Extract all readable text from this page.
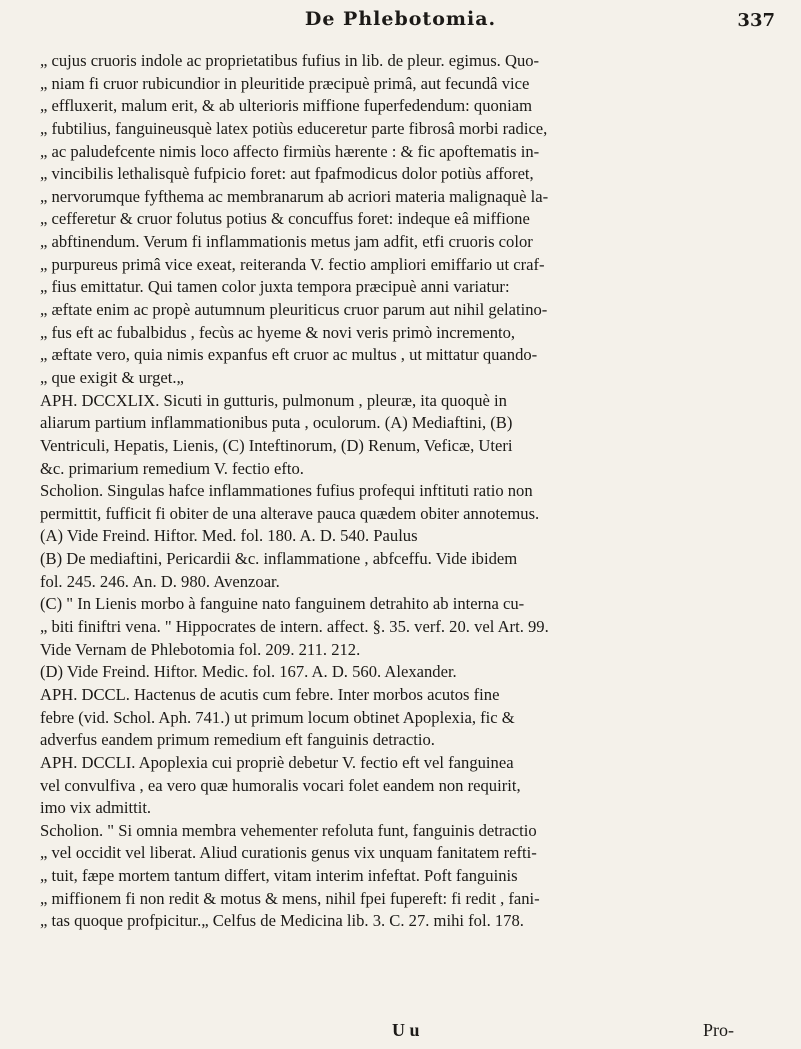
De Phlebotomia.	337
„ cujus cruoris indole ac proprietatibus fufius in lib. de pleur. egimus. Quo-
„ niam fi cruor rubicundior in pleuritide præcipuè primâ, aut fecundâ vice
„ effluxerit, malum erit, & ab ulterioris miffione fuperfedendum: quoniam
„ fubtilius, fanguineusquè latex potiùs educeretur parte fibrosâ morbi radice,
„ ac paludefcente nimis loco affecto firmiùs hærente : & fic apoftematis in-
„ vincibilis lethalisquè fufpicio foret: aut fpafmodicus dolor potiùs afforet,
„ nervorumque fyfthema ac membranarum ab acriori materia malignaquè la-
„ cefferetur & cruor folutus potius & concuffus foret: indeque eâ miffione
„ abftinendum. Verum fi inflammationis metus jam adfit, etfi cruoris color
„ purpureus primâ vice exeat, reiteranda V. fectio ampliori emiffario ut craf-
„ fius emittatur. Qui tamen color juxta tempora præcipuè anni variatur:
„ æftate enim ac propè autumnum pleuriticus cruor parum aut nihil gelatino-
„ fus eft ac fubalbidus , fecùs ac hyeme & novi veris primò incremento,
„ æftate vero, quia nimis expanfus eft cruor ac multus , ut mittatur quando-
„ que exigit & urget.„
APH. DCCXLIX. Sicuti in gutturis, pulmonum , pleuræ, ita quoquè in
aliarum partium inflammationibus puta , oculorum. (A) Mediaftini, (B)
Ventriculi, Hepatis, Lienis, (C) Inteftinorum, (D) Renum, Veficæ, Uteri
&c. primarium remedium V. fectio efto.
Scholion. Singulas hafce inflammationes fufius profequi inftituti ratio non
permittit, fufficit fi obiter de una alterave pauca quædem obiter annotemus.
(A) Vide Freind. Hiftor. Med. fol. 180. A. D. 540. Paulus
(B) De mediaftini, Pericardii &c. inflammatione , abfceffu. Vide ibidem
fol. 245. 246. An. D. 980. Avenzoar.
(C) " In Lienis morbo à fanguine nato fanguinem detrahito ab interna cu-
„ biti finiftri vena. " Hippocrates de intern. affect. §. 35. verf. 20. vel Art. 99.
Vide Vernam de Phlebotomia fol. 209. 211. 212.
(D) Vide Freind. Hiftor. Medic. fol. 167. A. D. 560. Alexander.
APH. DCCL. Hactenus de acutis cum febre. Inter morbos acutos fine
febre (vid. Schol. Aph. 741.) ut primum locum obtinet Apoplexia, fic &
adverfus eandem primum remedium eft fanguinis detractio.
APH. DCCLI. Apoplexia cui propriè debetur V. fectio eft vel fanguinea
vel convulfiva , ea vero quæ humoralis vocari folet eandem non requirit,
imo vix admittit.
Scholion. " Si omnia membra vehementer refoluta funt, fanguinis detractio
„ vel occidit vel liberat. Aliud curationis genus vix unquam fanitatem refti-
„ tuit, fæpe mortem tantum differt, vitam interim infeftat. Poft fanguinis
„ miffionem fi non redit & motus & mens, nihil fpei fupereft: fi redit , fani-
„ tas quoque profpicitur.„ Celfus de Medicina lib. 3. C. 27. mihi fol. 178.
U u	Pro-
